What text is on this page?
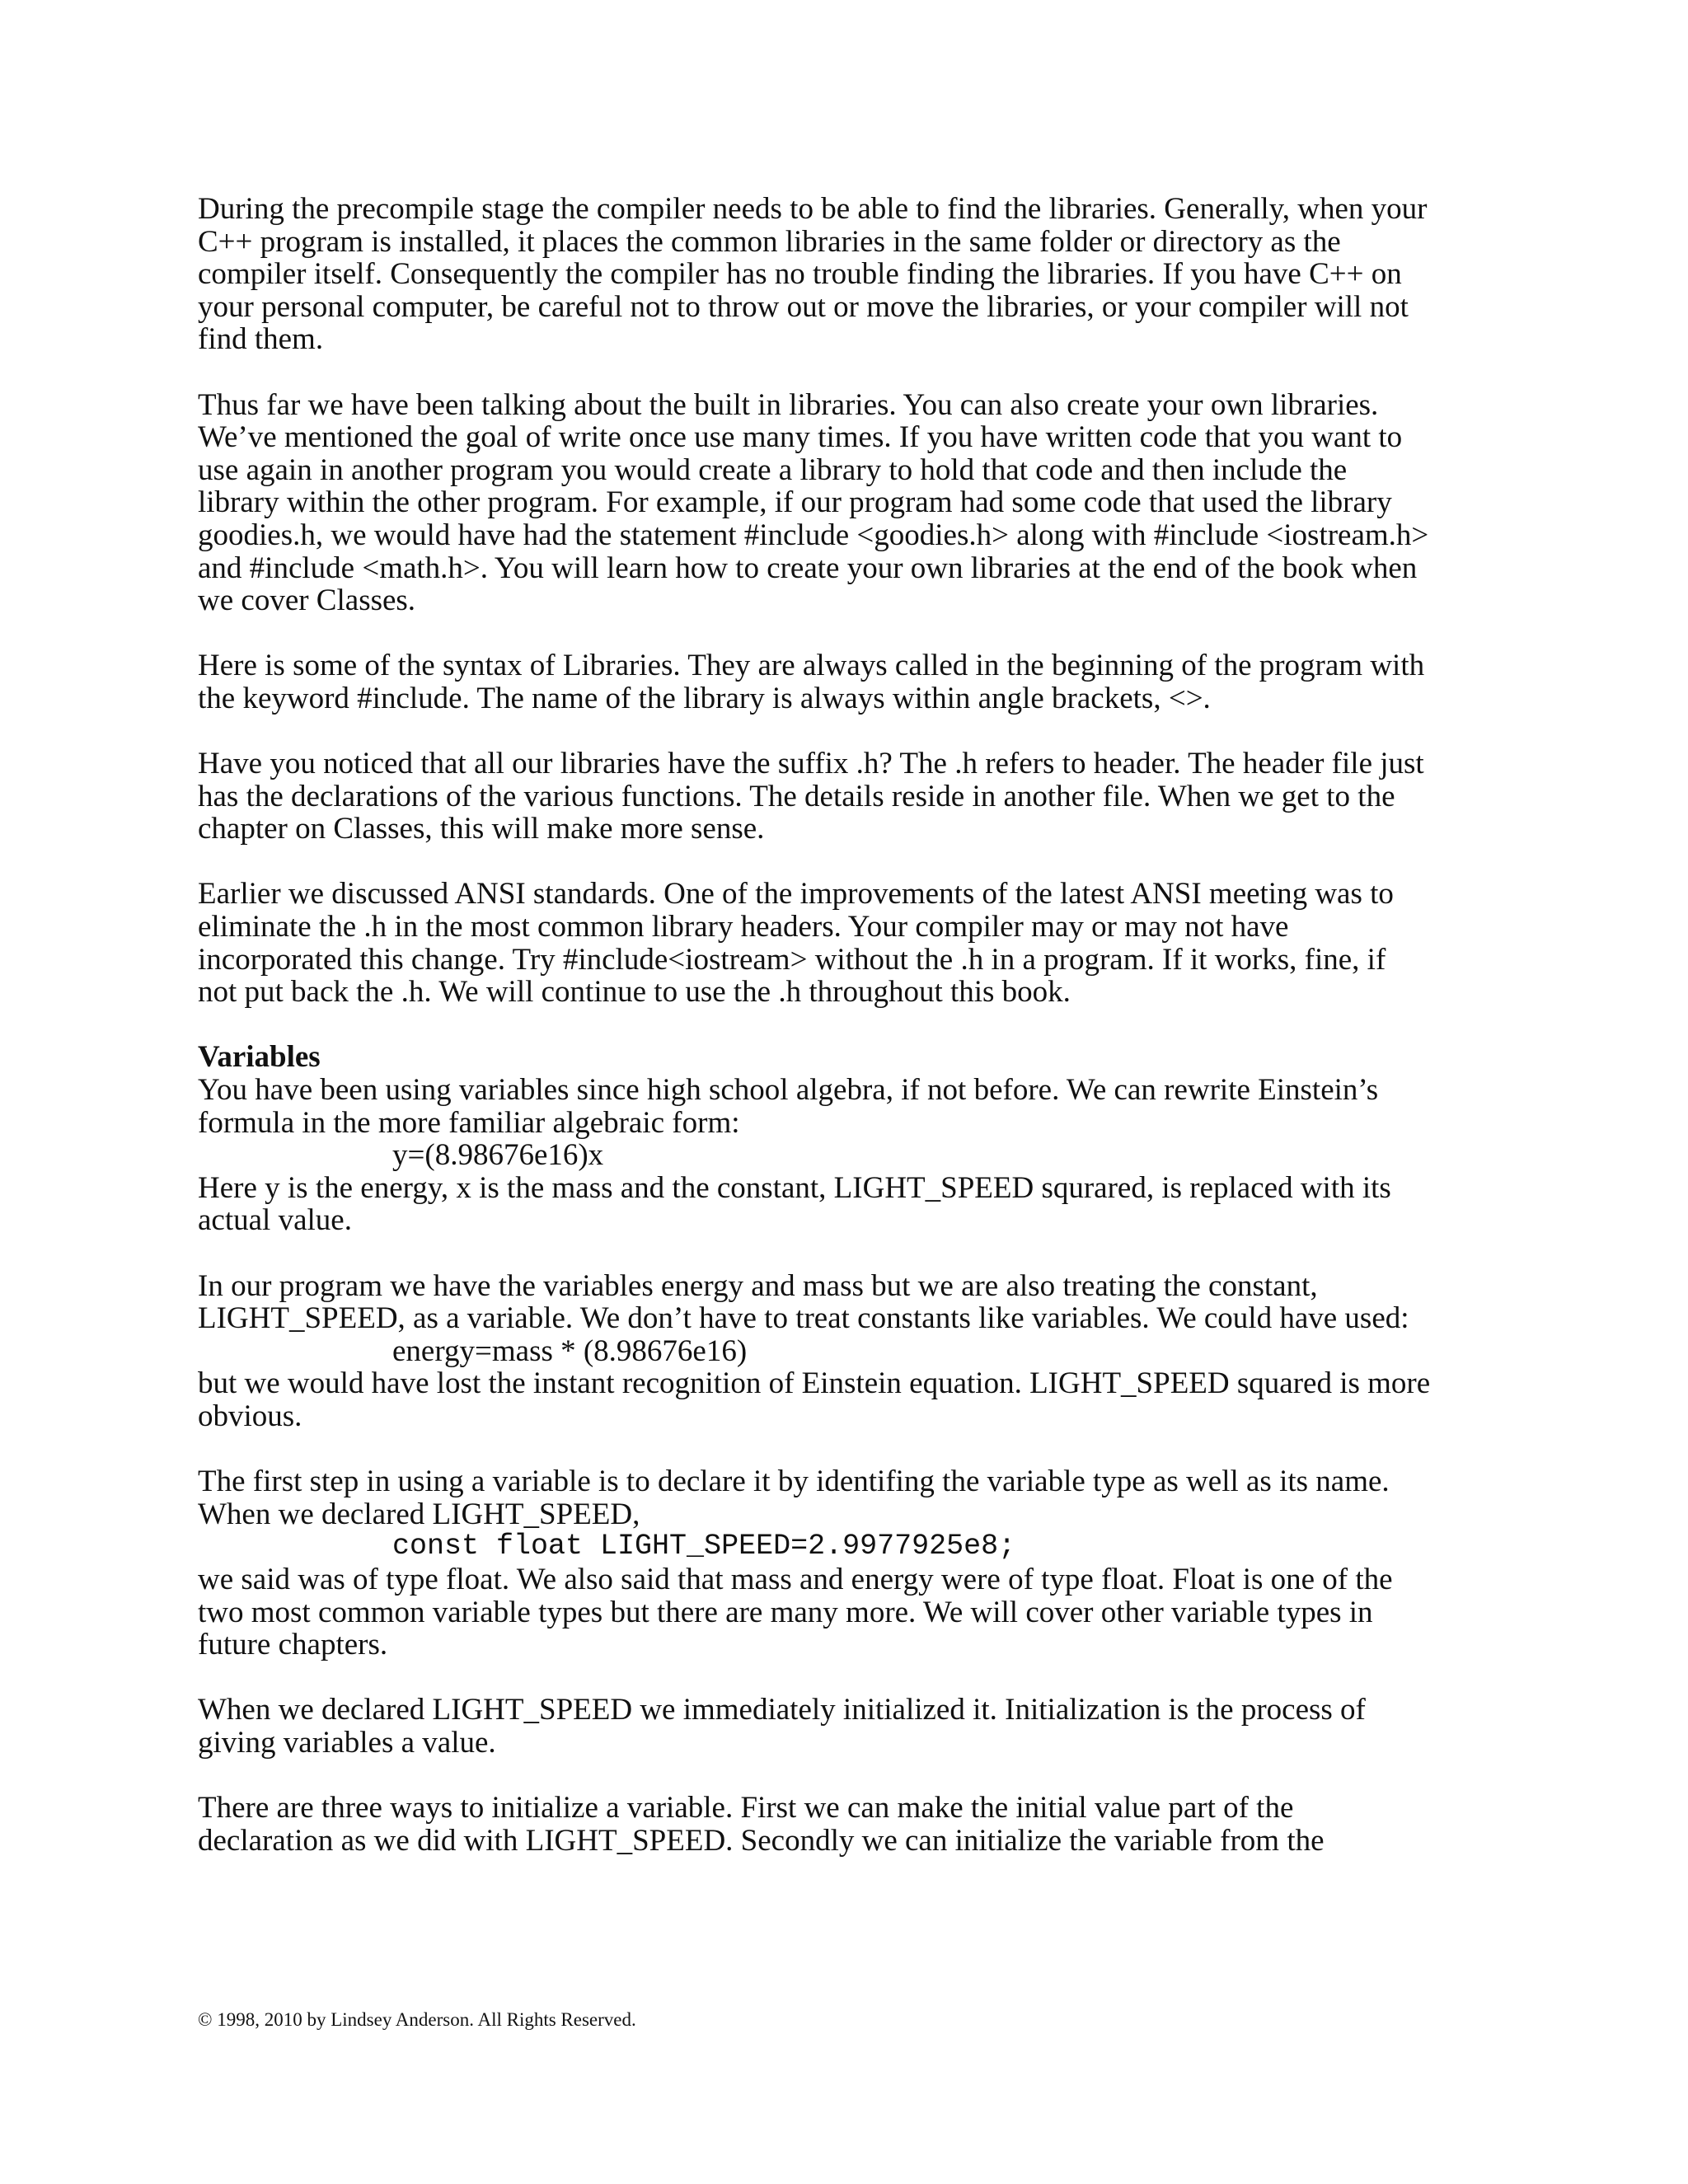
During the precompile stage the compiler needs to be able to find the libraries. Generally, when your
C++ program is installed, it places the common libraries in the same folder or directory as the
compiler itself. Consequently the compiler has no trouble finding the libraries. If you have C++ on
your personal computer, be careful not to throw out or move the libraries, or your compiler will not
find them.

Thus far we have been talking about the built in libraries. You can also create your own libraries.
We’ve mentioned the goal of write once use many times. If you have written code that you want to
use again in another program you would create a library to hold that code and then include the
library within the other program. For example, if our program had some code that used the library
goodies.h, we would have had the statement #include <goodies.h> along with #include <iostream.h>
and #include <math.h>. You will learn how to create your own libraries at the end of the book when
we cover Classes.

Here is some of the syntax of Libraries. They are always called in the beginning of the program with
the keyword #include. The name of the library is always within angle brackets, <>.

Have you noticed that all our libraries have the suffix .h? The .h refers to header. The header file just
has the declarations of the various functions. The details reside in another file. When we get to the
chapter on Classes, this will make more sense.

Earlier we discussed ANSI standards. One of the improvements of the latest ANSI meeting was to
eliminate the .h in the most common library headers. Your compiler may or may not have
incorporated this change. Try #include<iostream> without the .h in a program. If it works, fine, if
not put back the .h. We will continue to use the .h throughout this book.

Variables

You have been using variables since high school algebra, if not before. We can rewrite Einstein’s
formula in the more familiar algebraic form:

y=(8.98676e16)x

Here y is the energy, x is the mass and the constant, LIGHT_SPEED squrared, is replaced with its
actual value.

In our program we have the variables energy and mass but we are also treating the constant,
LIGHT_SPEED, as a variable. We don’t have to treat constants like variables. We could have used:

energy=mass * (8.98676e16)

but we would have lost the instant recognition of Einstein equation. LIGHT_SPEED squared is more
obvious.

The first step in using a variable is to declare it by identifing the variable type as well as its name.
When we declared LIGHT_SPEED,

const float LIGHT_SPEED=2.9977925e8;

we said was of type float. We also said that mass and energy were of type float. Float is one of the
two most common variable types but there are many more. We will cover other variable types in
future chapters.

When we declared LIGHT_SPEED we immediately initialized it. Initialization is the process of
giving variables a value.

There are three ways to initialize a variable. First we can make the initial value part of the
declaration as we did with LIGHT_SPEED. Secondly we can initialize the variable from the

© 1998, 2010 by Lindsey Anderson. All Rights Reserved.
